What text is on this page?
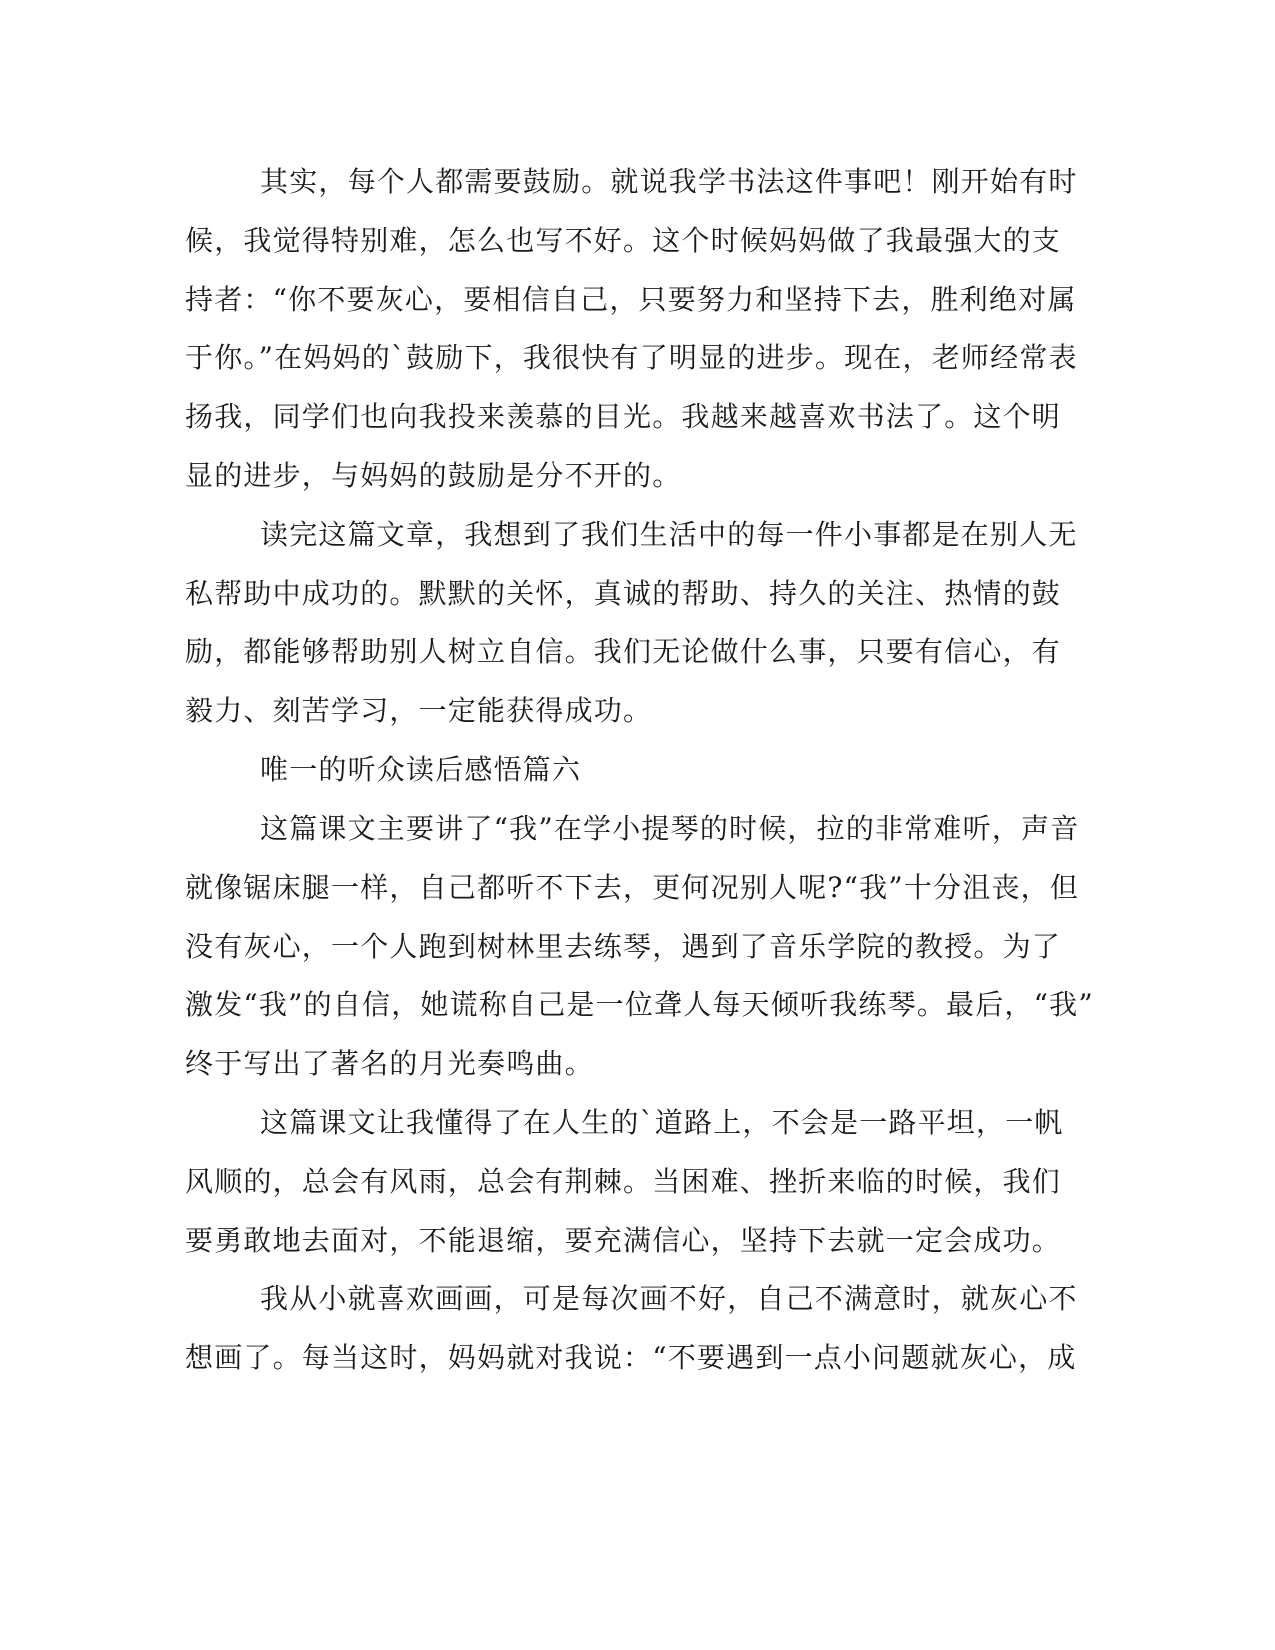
其实，每个人都需要鼓励。就说我学书法这件事吧！刚开始有时
候，我觉得特别难，怎么也写不好。这个时候妈妈做了我最强大的支
持者：“你不要灰心，要相信自己，只要努力和坚持下去，胜利绝对属
于你。”在妈妈的`鼓励下，我很快有了明显的进步。现在，老师经常表
扬我，同学们也向我投来羡慕的目光。我越来越喜欢书法了。这个明
显的进步，与妈妈的鼓励是分不开的。
读完这篇文章，我想到了我们生活中的每一件小事都是在别人无
私帮助中成功的。默默的关怀，真诚的帮助、持久的关注、热情的鼓
励，都能够帮助别人树立自信。我们无论做什么事，只要有信心，有
毅力、刻苦学习，一定能获得成功。
唯一的听众读后感悟篇六
这篇课文主要讲了“我”在学小提琴的时候，拉的非常难听，声音
就像锯床腿一样，自己都听不下去，更何况别人呢?“我”十分沮丧，但
没有灰心，一个人跑到树林里去练琴，遇到了音乐学院的教授。为了
激发“我”的自信，她谎称自己是一位聋人每天倾听我练琴。最后，“我”
终于写出了著名的月光奏鸣曲。
这篇课文让我懂得了在人生的`道路上，不会是一路平坦，一帆
风顺的，总会有风雨，总会有荆棘。当困难、挫折来临的时候，我们
要勇敢地去面对，不能退缩，要充满信心，坚持下去就一定会成功。
我从小就喜欢画画，可是每次画不好，自己不满意时，就灰心不
想画了。每当这时，妈妈就对我说：“不要遇到一点小问题就灰心，成
